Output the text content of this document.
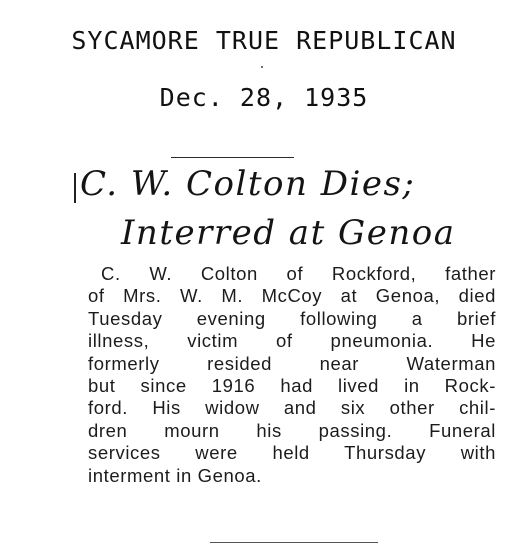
SYCAMORE TRUE REPUBLICAN
Dec. 28, 1935
C. W. Colton Dies;
Interred at Genoa
C. W. Colton of Rockford, father
of Mrs. W. M. McCoy at Genoa, died
Tuesday evening following a brief
illness, victim of pneumonia. He
formerly resided near Waterman
but since 1916 had lived in Rock-
ford. His widow and six other chil-
dren mourn his passing. Funeral
services were held Thursday with
interment in Genoa.
